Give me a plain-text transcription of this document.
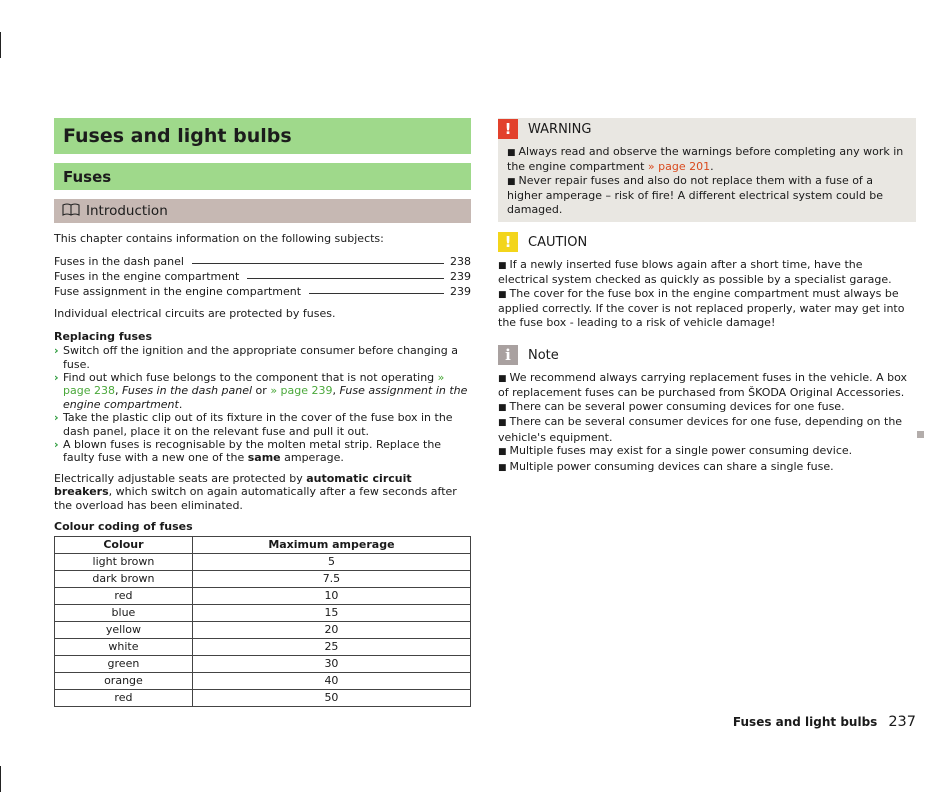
Fuses and light bulbs
Fuses
Introduction
This chapter contains information on the following subjects:
Fuses in the dash panel	238
Fuses in the engine compartment	239
Fuse assignment in the engine compartment	239
Individual electrical circuits are protected by fuses.
Replacing fuses
› Switch off the ignition and the appropriate consumer before changing a fuse.
› Find out which fuse belongs to the component that is not operating » page 238, Fuses in the dash panel or » page 239, Fuse assignment in the engine compartment.
› Take the plastic clip out of its fixture in the cover of the fuse box in the dash panel, place it on the relevant fuse and pull it out.
› A blown fuses is recognisable by the molten metal strip. Replace the faulty fuse with a new one of the same amperage.
Electrically adjustable seats are protected by automatic circuit breakers, which switch on again automatically after a few seconds after the overload has been eliminated.
Colour coding of fuses
Colour	Maximum amperage
light brown	5
dark brown	7.5
red	10
blue	15
yellow	20
white	25
green	30
orange	40
red	50
!	WARNING
■ Always read and observe the warnings before completing any work in the engine compartment » page 201.
■ Never repair fuses and also do not replace them with a fuse of a higher amperage – risk of fire! A different electrical system could be damaged.
!	CAUTION
■ If a newly inserted fuse blows again after a short time, have the electrical system checked as quickly as possible by a specialist garage.
■ The cover for the fuse box in the engine compartment must always be applied correctly. If the cover is not replaced properly, water may get into the fuse box - leading to a risk of vehicle damage!
i	Note
■ We recommend always carrying replacement fuses in the vehicle. A box of replacement fuses can be purchased from ŠKODA Original Accessories.
■ There can be several power consuming devices for one fuse.
■ There can be several consumer devices for one fuse, depending on the vehicle's equipment.
■ Multiple fuses may exist for a single power consuming device.
■ Multiple power consuming devices can share a single fuse.
Fuses and light bulbs 237
